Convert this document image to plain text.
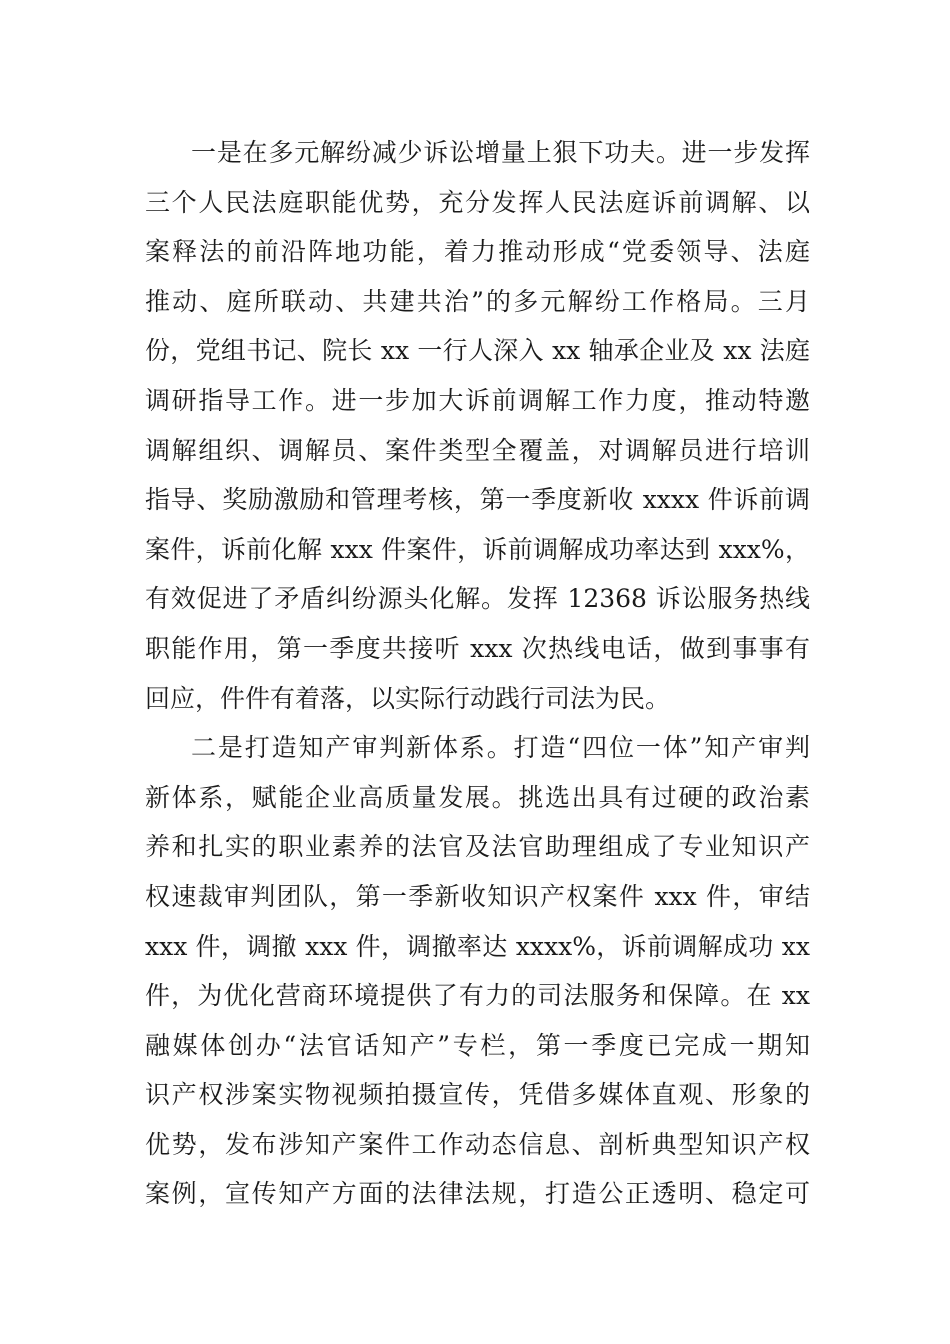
一是在多元解纷减少诉讼增量上狠下功夫。进一步发挥
三个人民法庭职能优势，充分发挥人民法庭诉前调解、以
案释法的前沿阵地功能，着力推动形成“党委领导、法庭
推动、庭所联动、共建共治”的多元解纷工作格局。三月
份，党组书记、院长 xx 一行人深入 xx 轴承企业及 xx 法庭
调研指导工作。进一步加大诉前调解工作力度，推动特邀
调解组织、调解员、案件类型全覆盖，对调解员进行培训
指导、奖励激励和管理考核，第一季度新收 xxxx 件诉前调
案件，诉前化解 xxx 件案件，诉前调解成功率达到 xxx%，
有效促进了矛盾纠纷源头化解。发挥 12368 诉讼服务热线
职能作用，第一季度共接听 xxx 次热线电话，做到事事有
回应，件件有着落，以实际行动践行司法为民。
二是打造知产审判新体系。打造“四位一体”知产审判
新体系，赋能企业高质量发展。挑选出具有过硬的政治素
养和扎实的职业素养的法官及法官助理组成了专业知识产
权速裁审判团队，第一季新收知识产权案件 xxx 件，审结
xxx 件，调撤 xxx 件，调撤率达 xxxx%，诉前调解成功 xx
件，为优化营商环境提供了有力的司法服务和保障。在 xx
融媒体创办“法官话知产”专栏，第一季度已完成一期知
识产权涉案实物视频拍摄宣传，凭借多媒体直观、形象的
优势，发布涉知产案件工作动态信息、剖析典型知识产权
案例，宣传知产方面的法律法规，打造公正透明、稳定可
